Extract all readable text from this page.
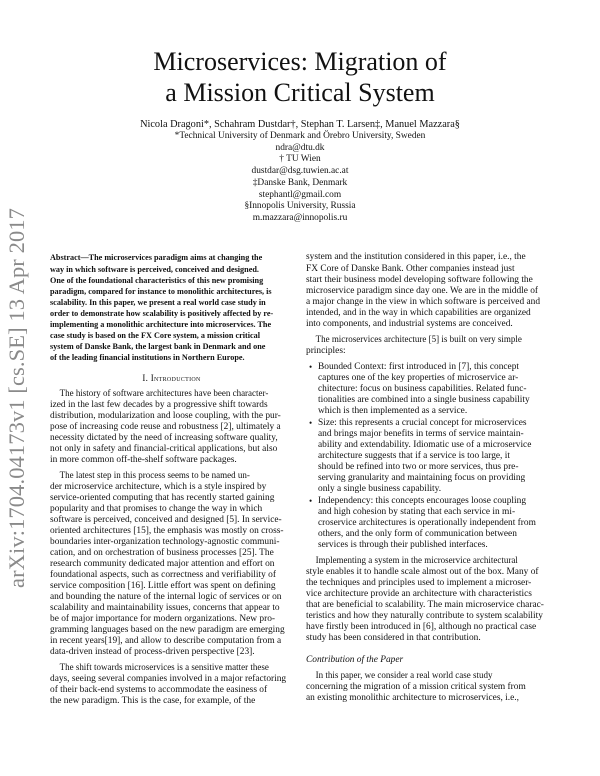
arXiv:1704.04173v1 [cs.SE] 13 Apr 2017
Microservices: Migration of
a Mission Critical System
Nicola Dragoni*, Schahram Dustdar†, Stephan T. Larsen‡, Manuel Mazzara§
*Technical University of Denmark and Örebro University, Sweden
ndra@dtu.dk
† TU Wien
dustdar@dsg.tuwien.ac.at
‡Danske Bank, Denmark
stephantl@gmail.com
§Innopolis University, Russia
m.mazzara@innopolis.ru
Abstract—The microservices paradigm aims at changing the
way in which software is perceived, conceived and designed.
One of the foundational characteristics of this new promising
paradigm, compared for instance to monolithic architectures, is
scalability. In this paper, we present a real world case study in
order to demonstrate how scalability is positively affected by re-
implementing a monolithic architecture into microservices. The
case study is based on the FX Core system, a mission critical
system of Danske Bank, the largest bank in Denmark and one
of the leading financial institutions in Northern Europe.
I. Introduction
The history of software architectures have been character-
ized in the last few decades by a progressive shift towards
distribution, modularization and loose coupling, with the pur-
pose of increasing code reuse and robustness [2], ultimately a
necessity dictated by the need of increasing software quality,
not only in safety and financial-critical applications, but also
in more common off-the-shelf software packages.
The latest step in this process seems to be named un-
der microservice architecture, which is a style inspired by
service-oriented computing that has recently started gaining
popularity and that promises to change the way in which
software is perceived, conceived and designed [5]. In service-
oriented architectures [15], the emphasis was mostly on cross-
boundaries inter-organization technology-agnostic communi-
cation, and on orchestration of business processes [25]. The
research community dedicated major attention and effort on
foundational aspects, such as correctness and verifiability of
service composition [16]. Little effort was spent on defining
and bounding the nature of the internal logic of services or on
scalability and maintainability issues, concerns that appear to
be of major importance for modern organizations. New pro-
gramming languages based on the new paradigm are emerging
in recent years[19], and allow to describe computation from a
data-driven instead of process-driven perspective [23].
The shift towards microservices is a sensitive matter these
days, seeing several companies involved in a major refactoring
of their back-end systems to accommodate the easiness of
the new paradigm. This is the case, for example, of the
system and the institution considered in this paper, i.e., the
FX Core of Danske Bank. Other companies instead just
start their business model developing software following the
microservice paradigm since day one. We are in the middle of
a major change in the view in which software is perceived and
intended, and in the way in which capabilities are organized
into components, and industrial systems are conceived.
The microservices architecture [5] is built on very simple
principles:
• Bounded Context: first introduced in [7], this concept
captures one of the key properties of microservice ar-
chitecture: focus on business capabilities. Related func-
tionalities are combined into a single business capability
which is then implemented as a service.
• Size: this represents a crucial concept for microservices
and brings major benefits in terms of service maintain-
ability and extendability. Idiomatic use of a microservice
architecture suggests that if a service is too large, it
should be refined into two or more services, thus pre-
serving granularity and maintaining focus on providing
only a single business capability.
• Independency: this concepts encourages loose coupling
and high cohesion by stating that each service in mi-
croservice architectures is operationally independent from
others, and the only form of communication between
services is through their published interfaces.
Implementing a system in the microservice architectural
style enables it to handle scale almost out of the box. Many of
the techniques and principles used to implement a microser-
vice architecture provide an architecture with characteristics
that are beneficial to scalability. The main microservice charac-
teristics and how they naturally contribute to system scalability
have firstly been introduced in [6], although no practical case
study has been considered in that contribution.
Contribution of the Paper
In this paper, we consider a real world case study
concerning the migration of a mission critical system from
an existing monolithic architecture to microservices, i.e.,
